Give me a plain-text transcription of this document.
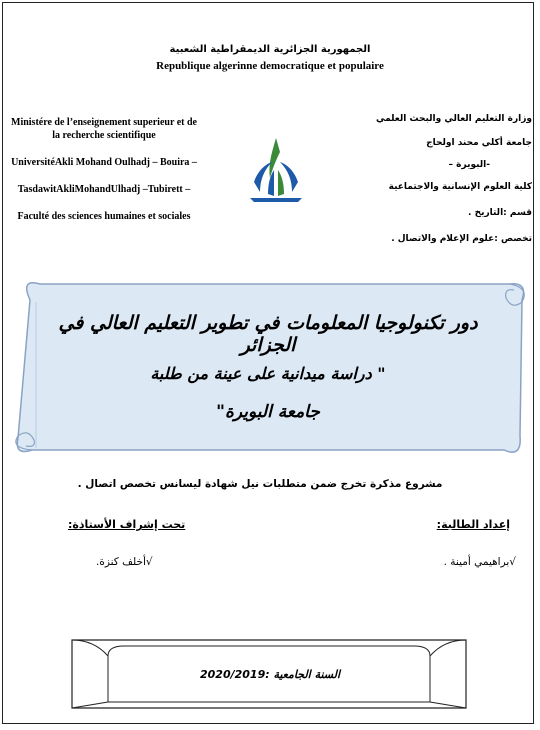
الجمهورية الجزائرية الديمقراطية الشعبية
Republique algerinne democratique et populaire

Ministére de l’enseignement superieur et de la recherche scientifique

UniversitéAkli Mohand Oulhadj – Bouira –

TasdawitAkliMohandUlhadj –Tubirett –

Faculté des sciences humaines et sociales

وزارة التعليم العالي والبحث العلمي
جامعة أكلي محند اولحاج
-البويرة –
كلية العلوم الإنسانية والاجتماعية
قسم :التاريخ .
تخصص :علوم الإعلام والاتصال .
دور تكنولوجيا المعلومات في تطوير التعليم العالي في الجزائر
" دراسة ميدانية على عينة من طلبة
جامعة البويرة"
مشروع مذكرة تخرج ضمن متطلبات نيل شهادة ليسانس تخصص اتصال .
إعداد الطالبة:
تحت إشراف الأستاذة:
√براهيمي أمينة .
√أخلف كنزة.
السنة الجامعية :2020/2019
